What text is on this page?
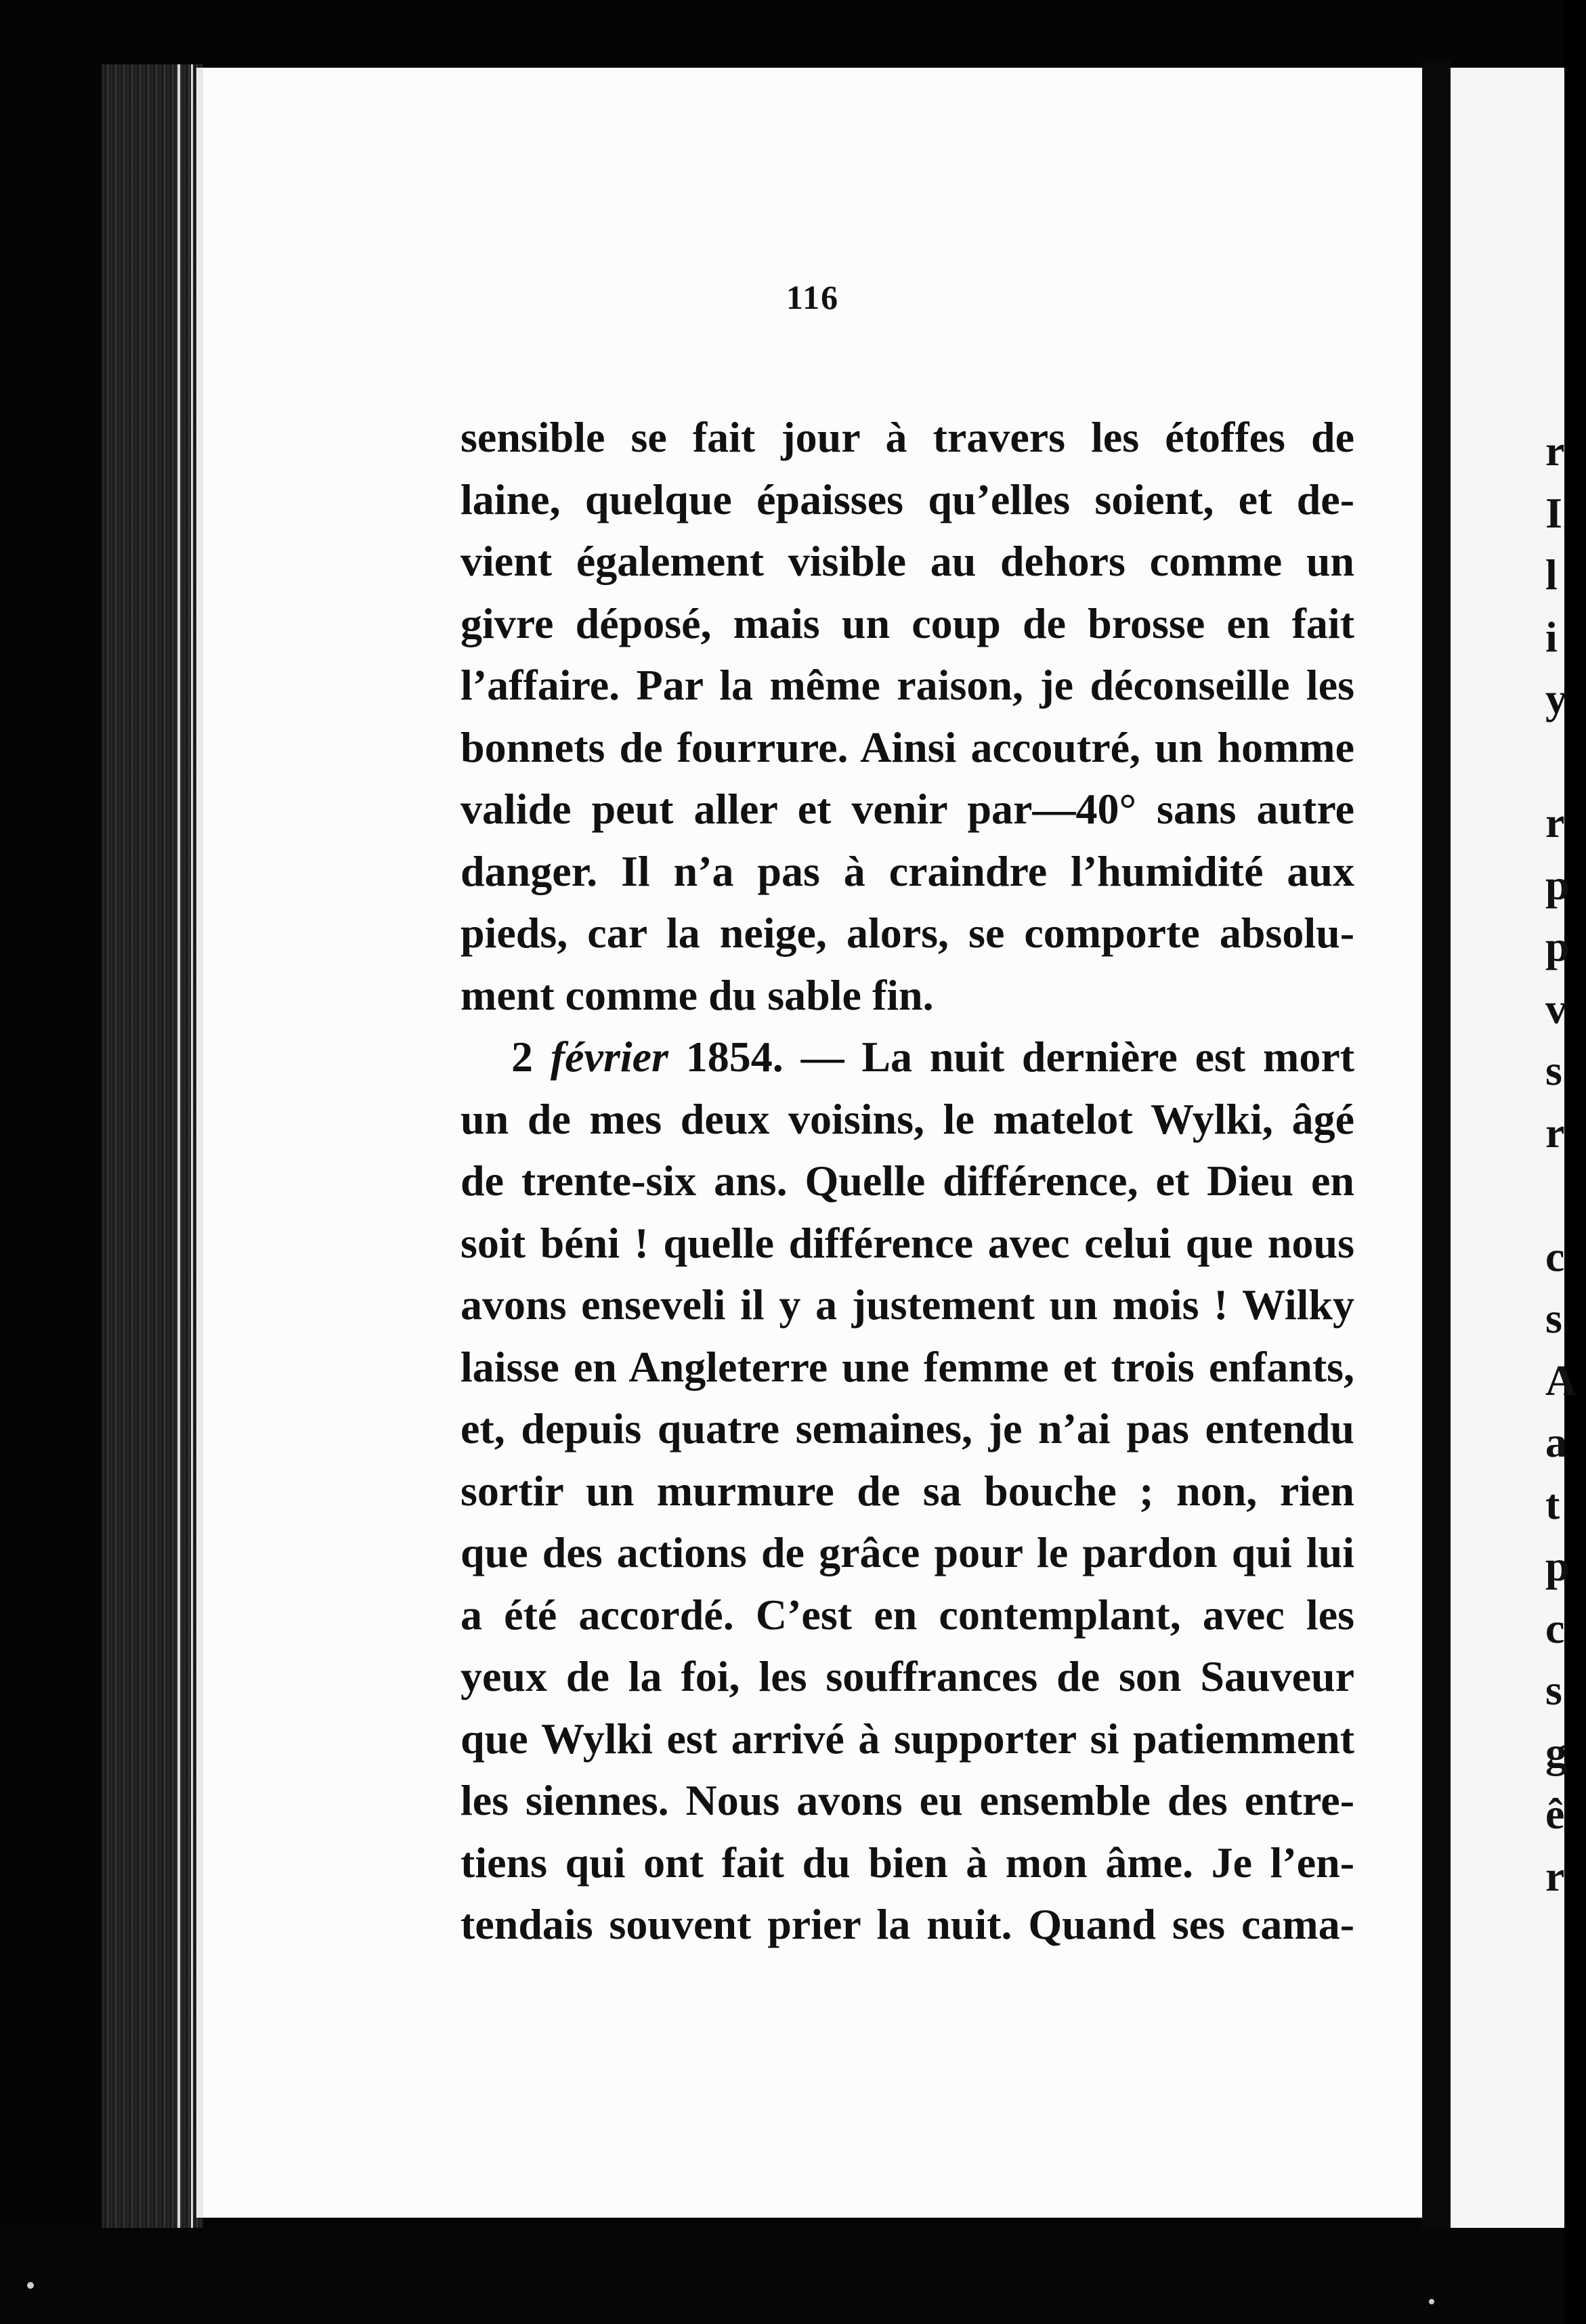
116
sensible se fait jour à travers les étoffes de
laine, quelque épaisses qu’elles soient, et de-
vient également visible au dehors comme un
givre déposé, mais un coup de brosse en fait
l’affaire. Par la même raison, je déconseille les
bonnets de fourrure. Ainsi accoutré, un homme
valide peut aller et venir par—40° sans autre
danger. Il n’a pas à craindre l’humidité aux
pieds, car la neige, alors, se comporte absolu-
ment comme du sable fin.
2 février 1854. — La nuit dernière est mort
un de mes deux voisins, le matelot Wylki, âgé
de trente-six ans. Quelle différence, et Dieu en
soit béni ! quelle différence avec celui que nous
avons enseveli il y a justement un mois ! Wilky
laisse en Angleterre une femme et trois enfants,
et, depuis quatre semaines, je n’ai pas entendu
sortir un murmure de sa bouche ; non, rien
que des actions de grâce pour le pardon qui lui
a été accordé. C’est en contemplant, avec les
yeux de la foi, les souffrances de son Sauveur
que Wylki est arrivé à supporter si patiemment
les siennes. Nous avons eu ensemble des entre-
tiens qui ont fait du bien à mon âme. Je l’en-
tendais souvent prier la nuit. Quand ses cama-
r
I
l
i
y
r
p
p
v
s
r
c
s
A
a
t
p
c
s
g
ê
r
